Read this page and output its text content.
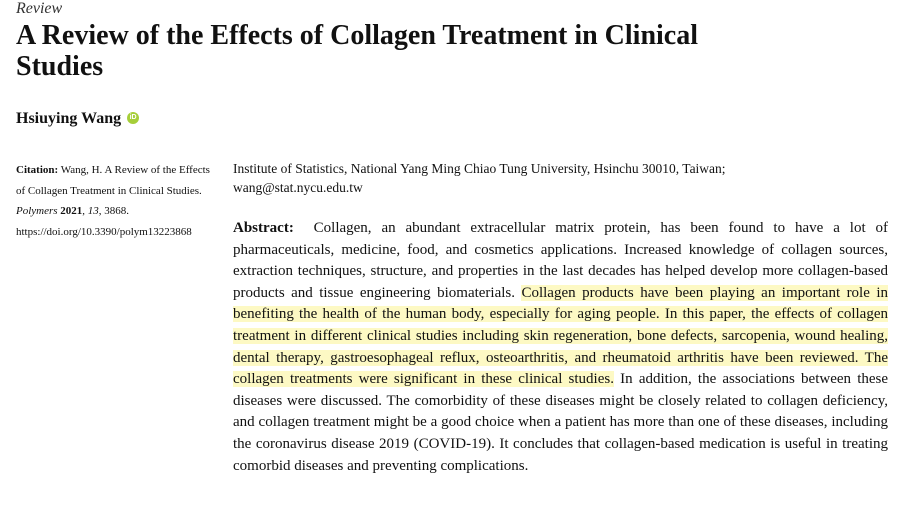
Review
A Review of the Effects of Collagen Treatment in Clinical Studies
Hsiuying Wang	iD
Citation: Wang, H. A Review of the Effects of Collagen Treatment in Clinical Studies. Polymers 2021, 13, 3868. https://doi.org/10.3390/polym13223868
Institute of Statistics, National Yang Ming Chiao Tung University, Hsinchu 30010, Taiwan;
wang@stat.nycu.edu.tw

Abstract: Collagen, an abundant extracellular matrix protein, has been found to have a lot of pharmaceuticals, medicine, food, and cosmetics applications. Increased knowledge of collagen sources, extraction techniques, structure, and properties in the last decades has helped develop more collagen-based products and tissue engineering biomaterials. Collagen products have been playing an important role in benefiting the health of the human body, especially for aging people. In this paper, the effects of collagen treatment in different clinical studies including skin regeneration, bone defects, sarcopenia, wound healing, dental therapy, gastroesophageal reflux, osteoarthritis, and rheumatoid arthritis have been reviewed. The collagen treatments were significant in these clinical studies. In addition, the associations between these diseases were discussed. The comorbidity of these diseases might be closely related to collagen deficiency, and collagen treatment might be a good choice when a patient has more than one of these diseases, including the coronavirus disease 2019 (COVID-19). It concludes that collagen-based medication is useful in treating comorbid diseases and preventing complications.
